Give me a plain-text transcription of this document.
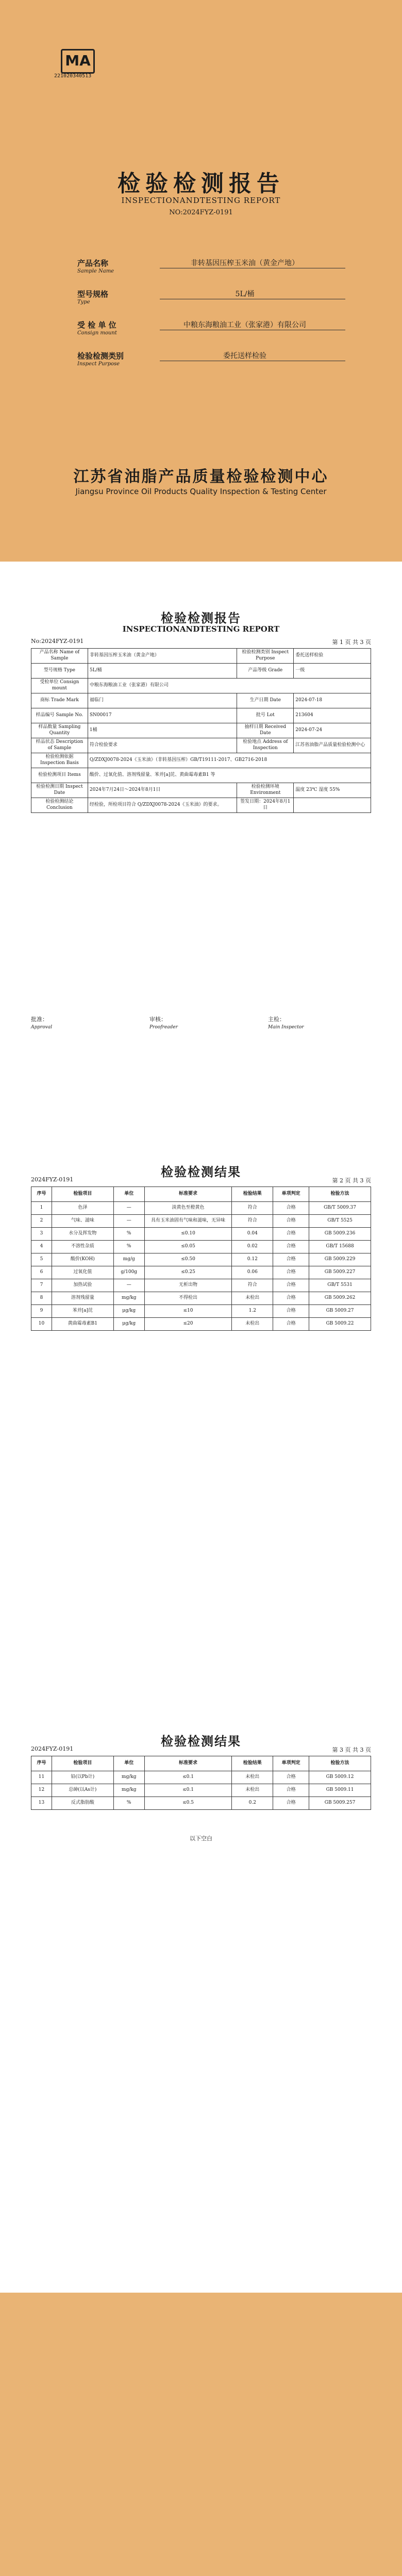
MA
221020340513
检验检测报告
INSPECTIONANDTESTING REPORT
NO:2024FYZ-0191
产品名称
Sample Name
非转基因压榨玉米油（黄金产地）
型号规格
Type
5L/桶
受 检 单 位
Consign mount
中粮东海粮油工业（张家港）有限公司
检验检测类别
Inspect Purpose
委托送样检验
江苏省油脂产品质量检验检测中心
Jiangsu Province Oil Products Quality Inspection & Testing Center
检验检测报告
INSPECTIONANDTESTING REPORT
No:2024FYZ-0191	第 1 页 共 3 页
产品名称 Name of Sample	非转基因压榨玉米油（黄金产地）	检验检测类别 Inspect Purpose	委托送样检验
型号规格 Type	5L/桶	产品等级 Grade	一级
受检单位 Consign mount	中粮东海粮油工业（张家港）有限公司		
商标 Trade Mark	福临门	生产日期 Date	2024-07-18
样品编号 Sample No.	SN00017	批号 Lot	213604
样品数量 Sampling Quantity	1桶	抽样日期 Received Date	2024-07-24
样品状态 Description of Sample	符合检验要求	检验地点 Address of Inspection	江苏省油脂产品质量检验检测中心
检验检测依据 Inspection Basis	Q/ZDXJ0078-2024《玉米油》（非转基因压榨）GB/T19111-2017、GB2716-2018		
检验检测项目 Items	酸价、过氧化值、溶剂残留量、苯并[a]芘、黄曲霉毒素B1 等		
检验检测日期 Inspect Date	2024年7月24日～2024年8月1日	检验检测环境 Environment	温度 23℃ 湿度 55%
检验检测结论 Conclusion	经检验，所检项目符合 Q/ZDXJ0078-2024《玉米油》的要求。	签发日期：2024年8月1日	
批准：
Approval
审核：
Proofreader
主检：
Main Inspector
检验检测结果
2024FYZ-0191	第 2 页 共 3 页
序号	检验项目	单位	标准要求	检验结果	单项判定	检验方法
1	色泽	—	淡黄色至橙黄色	符合	合格	GB/T 5009.37
2	气味、滋味	—	具有玉米油固有气味和滋味，无异味	符合	合格	GB/T 5525
3	水分及挥发物	%	≤0.10	0.04	合格	GB 5009.236
4	不溶性杂质	%	≤0.05	0.02	合格	GB/T 15688
5	酸价(KOH)	mg/g	≤0.50	0.12	合格	GB 5009.229
6	过氧化值	g/100g	≤0.25	0.06	合格	GB 5009.227
7	加热试验	—	无析出物	符合	合格	GB/T 5531
8	溶剂残留量	mg/kg	不得检出	未检出	合格	GB 5009.262
9	苯并[a]芘	μg/kg	≤10	1.2	合格	GB 5009.27
10	黄曲霉毒素B1	μg/kg	≤20	未检出	合格	GB 5009.22
检验检测结果
2024FYZ-0191	第 3 页 共 3 页
序号	检验项目	单位	标准要求	检验结果	单项判定	检验方法
11	铅(以Pb计)	mg/kg	≤0.1	未检出	合格	GB 5009.12
12	总砷(以As计)	mg/kg	≤0.1	未检出	合格	GB 5009.11
13	反式脂肪酸	%	≤0.5	0.2	合格	GB 5009.257
以下空白
